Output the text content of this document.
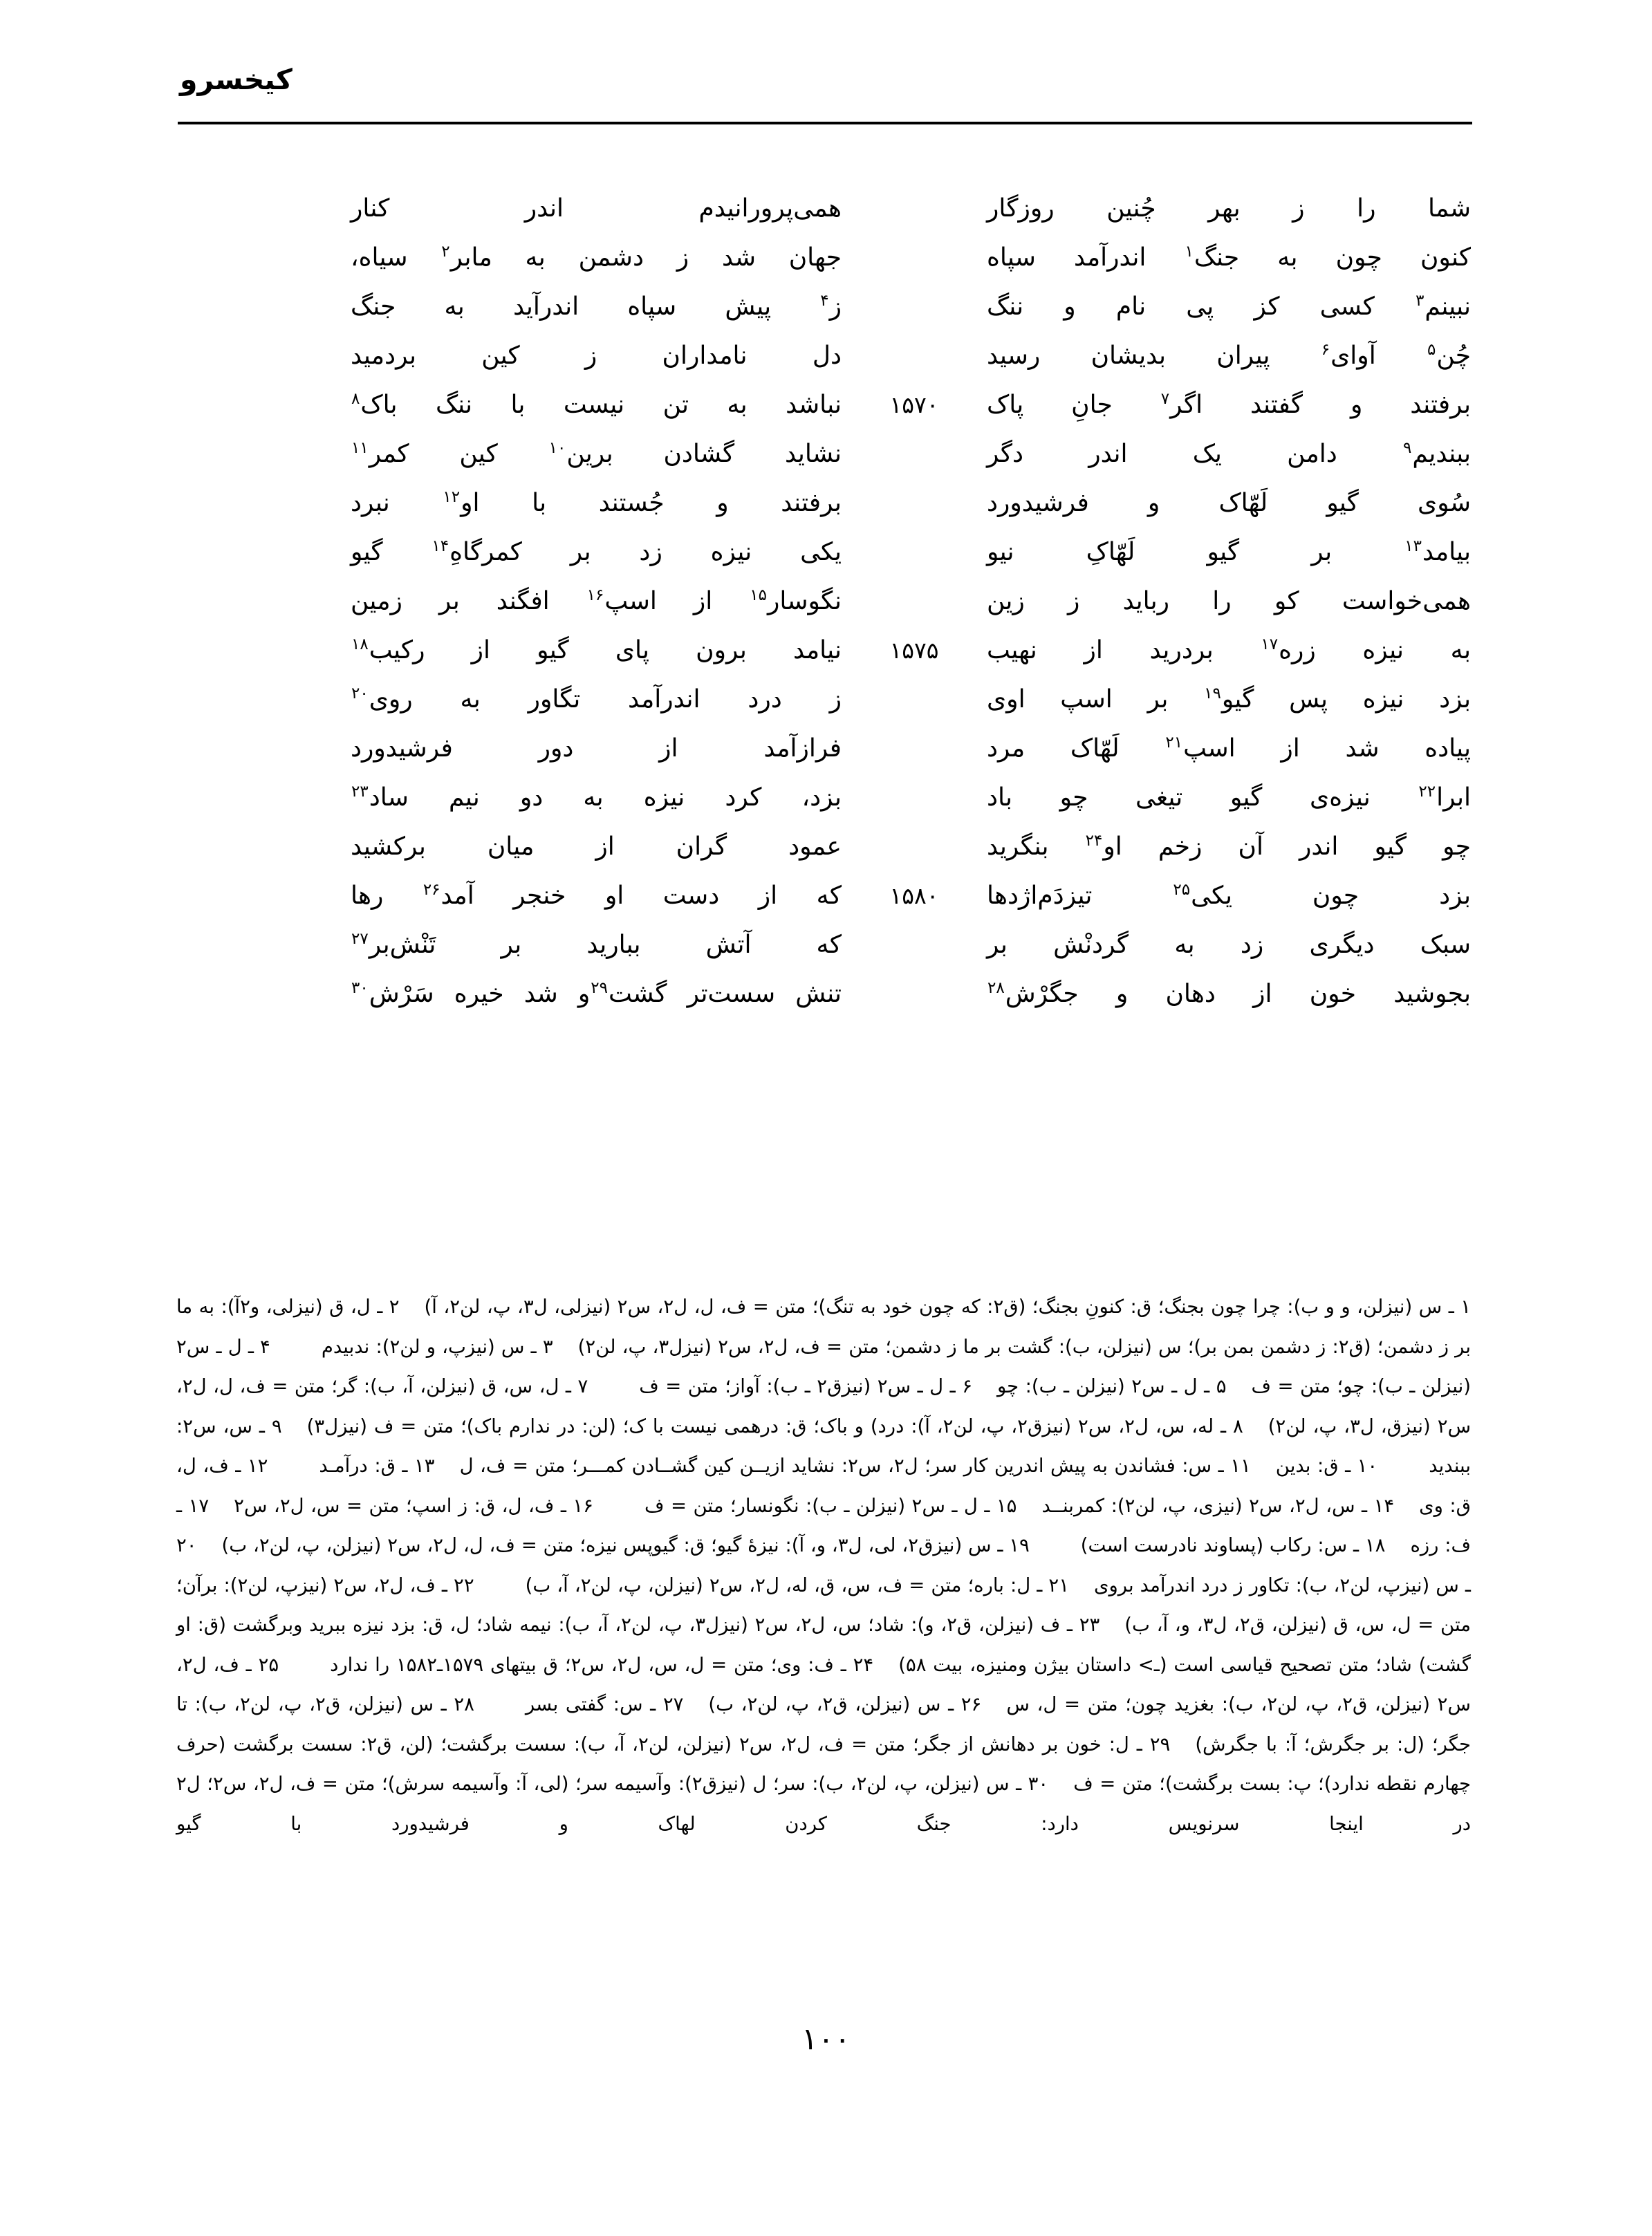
کیخسرو
شما را ز بهر چُنین روزگار
همی‌پرورانیدم اندر کنار
کنون چون به جنگ$^۱$ اندرآمد سپاه
جهان شد ز دشمن به مابر$^۲$ سیاه،
نبینم$^۳$ کسی کز پی نام و ننگ
ز$^۴$ پیش سپاه اندرآید به جنگ
چُن$^۵$ آوای$^۶$ پیران بدیشان رسید
دل نامداران ز کین بردمید
برفتند و گفتند اگر$^۷$ جانِ پاک
۱۵۷۰
نباشد به تن نیست با ننگ باک$^۸$
ببندیم$^۹$ دامن یک اندر دگر
نشاید گشادن برین$^{۱۰}$ کین کمر$^{۱۱}$
سُوی گیو لَهّاک و فرشیدورد
برفتند و جُستند با او$^{۱۲}$ نبرد
بیامد$^{۱۳}$ بر گیو لَهّاکِ نیو
یکی نیزه زد بر کمرگاهِ$^{۱۴}$ گیو
همی‌خواست کو را رباید ز زین
نگوسار$^{۱۵}$ از اسپ$^{۱۶}$ افگند بر زمین
به نیزه زره$^{۱۷}$ بردرید از نهیب
۱۵۷۵
نیامد برون پای گیو از رکیب$^{۱۸}$
بزد نیزه پس گیو$^{۱۹}$ بر اسپ اوی
ز درد اندرآمد تگاور به روی$^{۲۰}$
پیاده شد از اسپ$^{۲۱}$ لَهّاک مرد
فرازآمد از دور فرشیدورد
ابرا$^{۲۲}$ نیزه‌ی گیو تیغی چو باد
بزد، کرد نیزه به دو نیم ساد$^{۲۳}$
چو گیو اندر آن زخم او$^{۲۴}$ بنگرید
عمود گران از میان برکشید
بزد چون یکی$^{۲۵}$ تیزدَم‌اژدها
۱۵۸۰
که از دست او خنجر آمد$^{۲۶}$ رها
سبک دیگری زد به گردنْش بر
که آتش بباريد بر تَنْش‌بر$^{۲۷}$
بجوشید خون از دهان و جگرْش$^{۲۸}$
تنش سست‌تر گشت$^{۲۹}$و شد خیره سَرْش$^{۳۰}$

۱ ـ س (نیزلن، و و ب): چرا چون بجنگ؛ ق: کنونِ بجنگ؛ (ق٢: که چون خود به تنگ)؛ متن = ف، ل، ل٢، س٢ (نیزلی، ل٣، پ، لن٢، آ) ۲ ـ ل، ق (نیزلی، و٢آ): به ما بر ز دشمن؛ (ق٢: ز دشمن بمن بر)؛ س (نیزلن، ب): گشت بر ما ز دشمن؛ متن = ف، ل٢، س٢ (نیزل٣، پ، لن٢) ۳ ـ س (نیزپ، و لن٢): ندبیدم ۴ ـ ل ـ س٢ (نیزلن ـ ب): چو؛ متن = ف ۵ ـ ل ـ س٢ (نیزلن ـ ب): چو ۶ ـ ل ـ س٢ (نیزق٢ ـ ب): آواز؛ متن = ف ۷ ـ ل، س، ق (نیزلن، آ، ب): گر؛ متن = ف، ل، ل٢، س٢ (نیزق، ل٣، پ، لن٢) ۸ ـ له، س، ل٢، س٢ (نیزق٢، پ، لن٢، آ): درد) و باک؛ ق: درهمی نیست با ک؛ (لن: در ندارم باک)؛ متن = ف (نیزل٣) ۹ ـ س، س٢: ببندید ۱۰ ـ ق: بدین ۱۱ ـ س: فشاندن به پیش اندرین کار سر؛ ل٢، س٢: نشاید ازیــن کین گشــادن کمـــر؛ متن = ف، ل ۱۳ ـ ق: درآمـد ۱۲ ـ ف، ل، ق: وی ۱۴ ـ س، ل٢، س٢ (نیزی، پ، لن٢): کمربنــد ۱۵ ـ ل ـ س٢ (نیزلن ـ ب): نگونسار؛ متن = ف ۱۶ ـ ف، ل، ق: ز اسپ؛ متن = س، ل٢، س٢ ۱۷ ـ ف: رزه ۱۸ ـ س: رکاب (پساوند نادرست است) ۱۹ ـ س (نیزق٢، لی، ل٣، و، آ): نیزهٔ گیو؛ ق: گیوپس نیزه؛ متن = ف، ل، ل٢، س٢ (نیزلن، پ، لن٢، ب) ۲۰ ـ س (نیزپ، لن٢، ب): تکاور ز درد اندرآمد بروی ۲۱ ـ ل: باره؛ متن = ف، س، ق، له، ل٢، س٢ (نیزلن، پ، لن٢، آ، ب) ۲۲ ـ ف، ل٢، س٢ (نیزپ، لن٢): برآن؛ متن = ل، س، ق (نیزلن، ق٢، ل٣، و، آ، ب) ۲۳ ـ ف (نیزلن، ق٢، و): شاد؛ س، ل٢، س٢ (نیزل٣، پ، لن٢، آ، ب): نیمه شاد؛ ل، ق: بزد نیزه ببرید وبرگشت (ق: او گشت) شاد؛ متن تصحیح قیاسی است (ـ> داستان بیژن ومنیزه، بیت ۵۸) ۲۴ ـ ف: وی؛ متن = ل، س، ل٢، س٢؛ ق بیتهای ۱۵۷۹ـ۱۵۸۲ را ندارد ۲۵ ـ ف، ل٢، س٢ (نیزلن، ق٢، پ، لن٢، ب): بغزید چون؛ متن = ل، س ۲۶ ـ س (نیزلن، ق٢، پ، لن٢، ب) ۲۷ ـ س: گفتی بسر ۲۸ ـ س (نیزلن، ق٢، پ، لن٢، ب): تا جگر؛ (ل: بر جگرش؛ آ: با جگرش) ۲۹ ـ ل: خون بر دهانش از جگر؛ متن = ف، ل٢، س٢ (نیزلن، لن٢، آ، ب): سست برگشت؛ (لن، ق٢: سست برگشت (حرف چهارم نقطه ندارد)؛ پ: بست برگشت)؛ متن = ف ۳۰ ـ س (نیزلن، پ، لن٢، ب): سر؛ ل (نیزق٢): وآسیمه سر؛ (لی، آ: وآسیمه سرش)؛ متن = ف، ل٢، س٢؛ ل٢ در اینجا سرنویس دارد: جنگ کردن لهاک و فرشیدورد با گیو

۱۰۰
